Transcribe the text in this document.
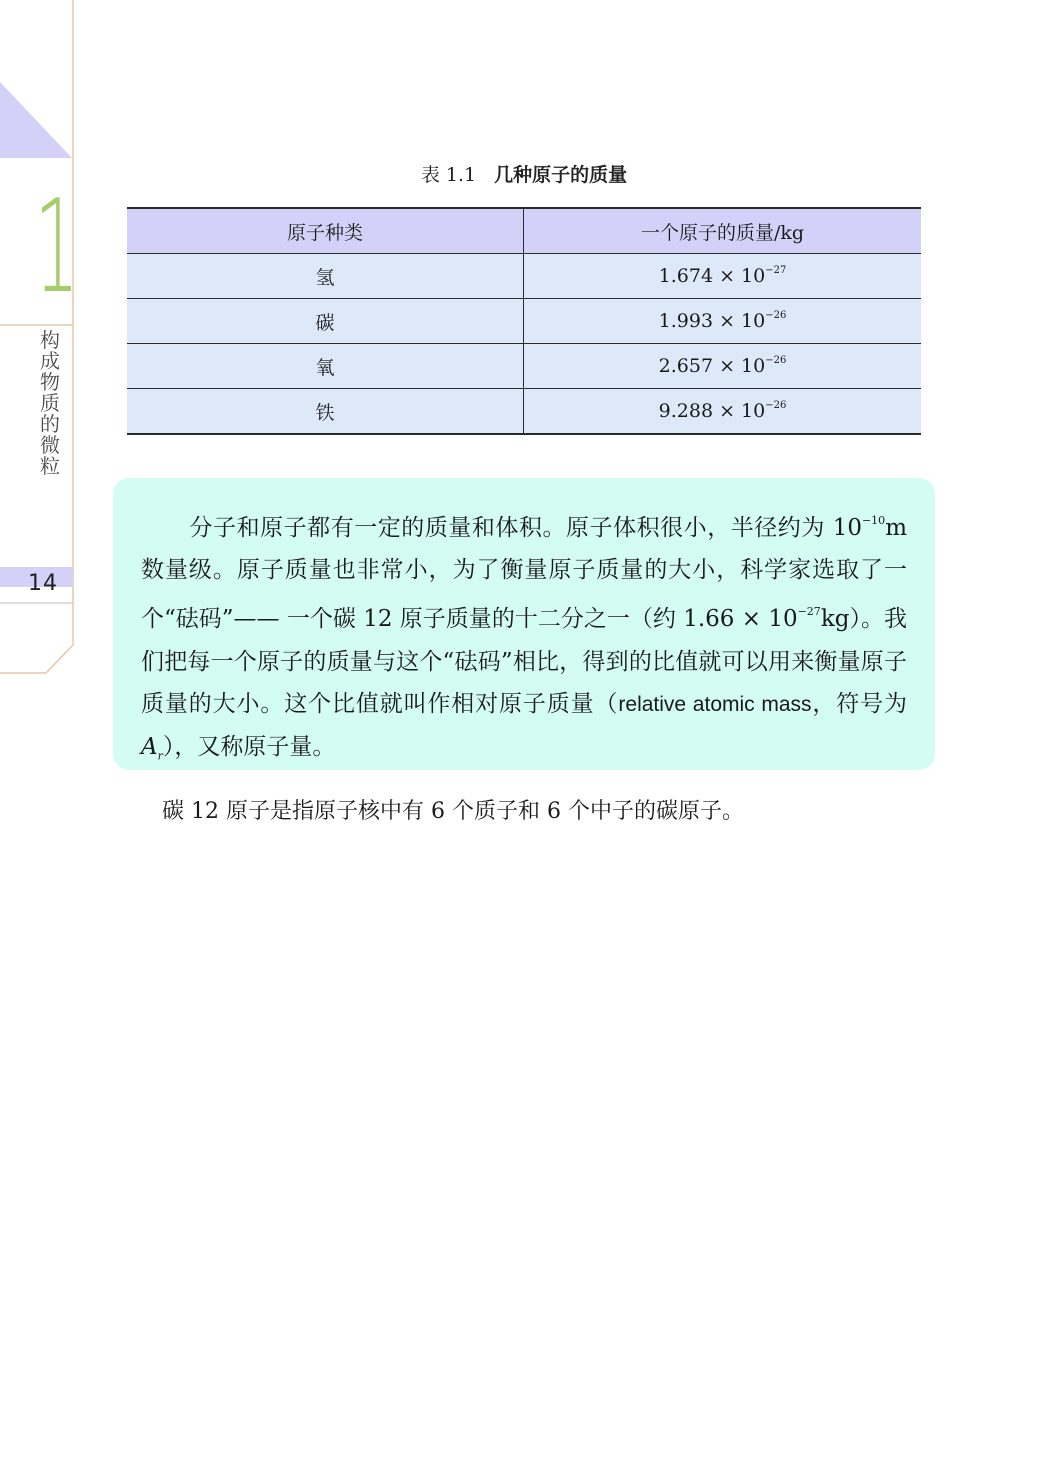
1
构成物质的微粒
14
表 1.1 几种原子的质量
原子种类	一个原子的质量/kg
氢	$1.674 \times 10^{-27}$
碳	$1.993 \times 10^{-26}$
氧	$2.657 \times 10^{-26}$
铁	$9.288 \times 10^{-26}$

分子和原子都有一定的质量和体积。原子体积很小，半径约为 $10^{-10}m$ 数量级。原子质量也非常小，为了衡量原子质量的大小，科学家选取了一个“砝码”—— 一个碳 12 原子质量的十二分之一（约 $1.66 \times 10^{-27}kg$）。我们把每一个原子的质量与这个“砝码”相比，得到的比值就可以用来衡量原子质量的大小。这个比值就叫作相对原子质量（relative atomic mass，符号为 $A_r$），又称原子量。

碳 12 原子是指原子核中有 6 个质子和 6 个中子的碳原子。
